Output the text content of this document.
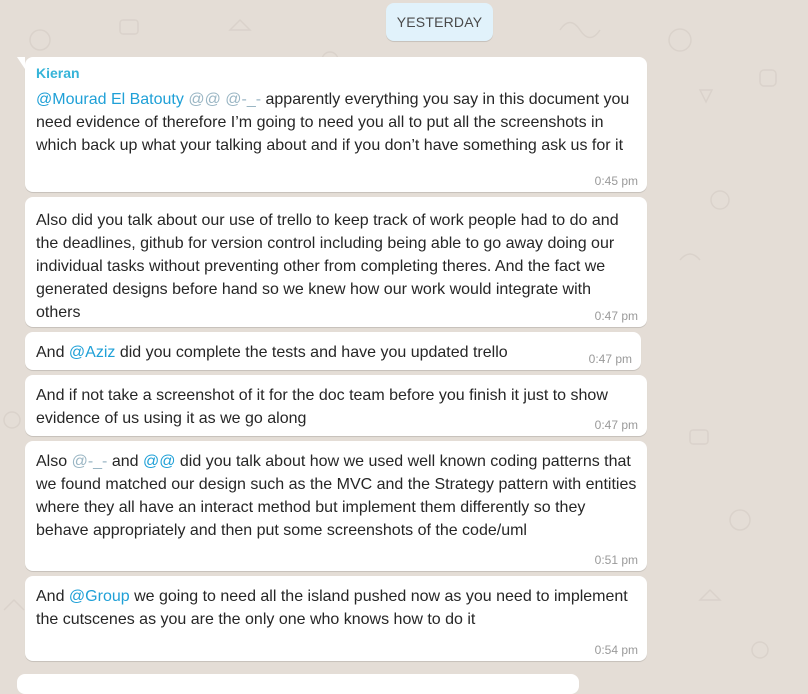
YESTERDAY
Kieran
@Mourad El Batouty @@ @-_- apparently everything you say in this document you need evidence of therefore I’m going to need you all to put all the screenshots in which back up what your talking about and if you don’t have something ask us for it
0:45 pm
Also did you talk about our use of trello to keep track of work people had to do and the deadlines, github for version control including being able to go away doing our individual tasks without preventing other from completing theres. And the fact we generated designs before hand so we knew how our work would integrate with others	0:47 pm
And @Aziz did you complete the tests and have you updated trello	0:47 pm
And if not take a screenshot of it for the doc team before you finish it just to show evidence of us using it as we go along	0:47 pm
Also @-_- and @@ did you talk about how we used well known coding patterns that we found matched our design such as the MVC and the Strategy pattern with entities where they all have an interact method but implement them differently so they behave appropriately and then put some screenshots of the code/uml
0:51 pm
And @Group we going to need all the island pushed now as you need to implement the cutscenes as you are the only one who knows how to do it
0:54 pm
